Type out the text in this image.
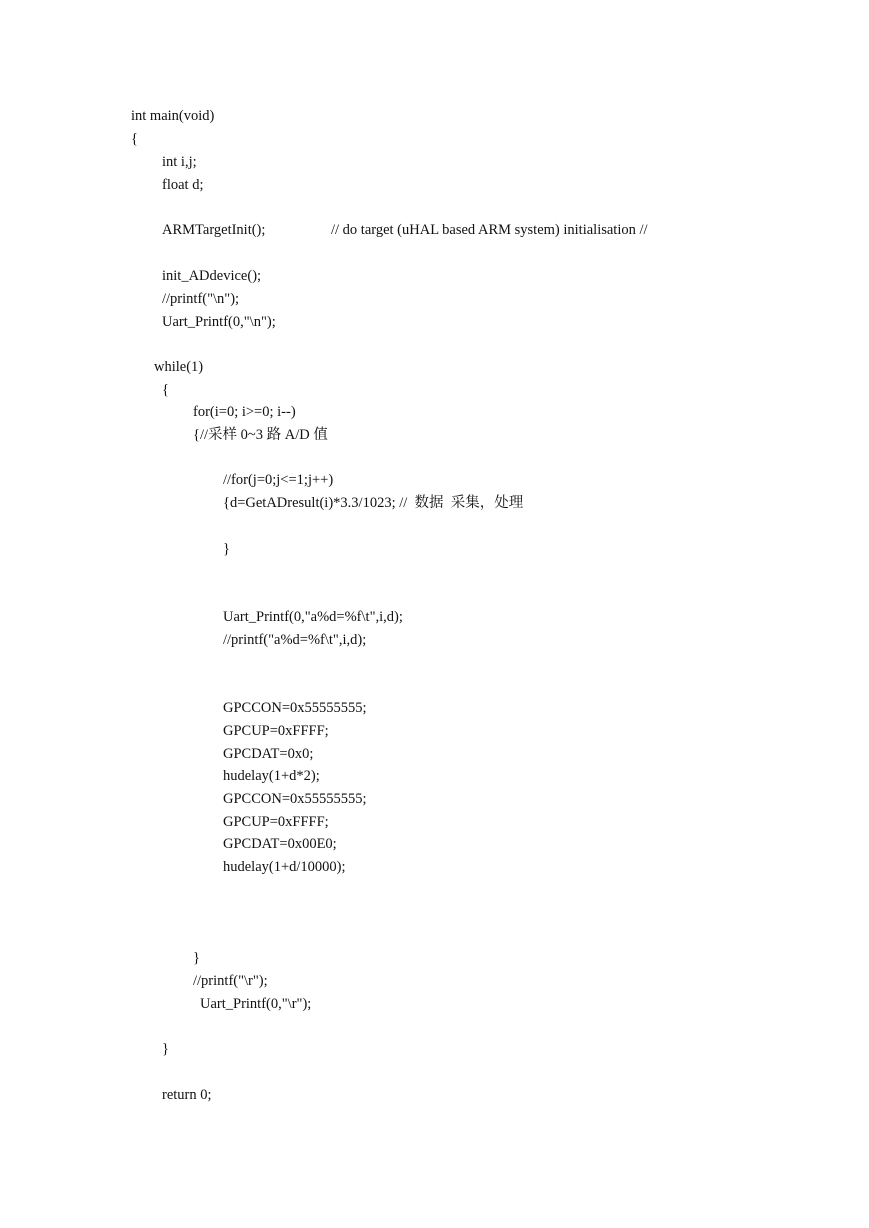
int main(void)
{
int i,j;
float d;
ARMTargetInit();	// do target (uHAL based ARM system) initialisation //
init_ADdevice();
//printf("\n");
Uart_Printf(0,"\n");
while(1)
{
for(i=0; i>=0; i--)
{//采样 0~3 路 A/D 值
//for(j=0;j<=1;j++)
{d=GetADresult(i)*3.3/1023; //  数据  采集，处理
}
Uart_Printf(0,"a%d=%f\t",i,d);
//printf("a%d=%f\t",i,d);
GPCCON=0x55555555;
GPCUP=0xFFFF;
GPCDAT=0x0;
hudelay(1+d*2);
GPCCON=0x55555555;
GPCUP=0xFFFF;
GPCDAT=0x00E0;
hudelay(1+d/10000);
}
//printf("\r");
Uart_Printf(0,"\r");
}
return 0;
